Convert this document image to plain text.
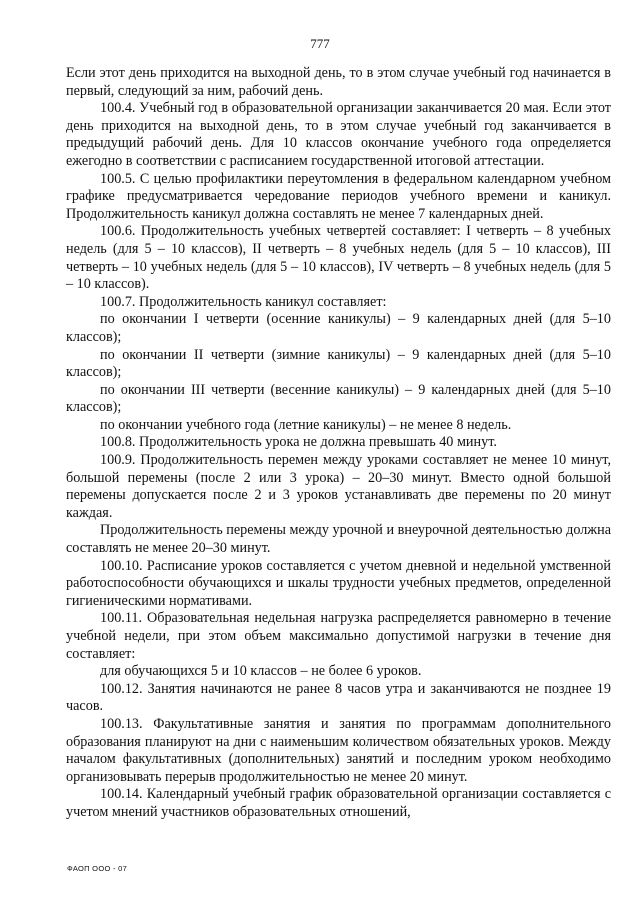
777

Если этот день приходится на выходной день, то в этом случае учебный год начинается в первый, следующий за ним, рабочий день.

100.4. Учебный год в образовательной организации заканчивается 20 мая. Если этот день приходится на выходной день, то в этом случае учебный год заканчивается в предыдущий рабочий день. Для 10 классов окончание учебного года определяется ежегодно в соответствии с расписанием государственной итоговой аттестации.

100.5. С целью профилактики переутомления в федеральном календарном учебном графике предусматривается чередование периодов учебного времени и каникул. Продолжительность каникул должна составлять не менее 7 календарных дней.

100.6. Продолжительность учебных четвертей составляет: I четверть – 8 учебных недель (для 5 – 10 классов), II четверть – 8 учебных недель (для 5 – 10 классов), III четверть – 10 учебных недель (для 5 – 10 классов), IV четверть – 8 учебных недель (для 5 – 10 классов).

100.7. Продолжительность каникул составляет:

по окончании I четверти (осенние каникулы) – 9 календарных дней (для 5–10 классов);

по окончании II четверти (зимние каникулы) – 9 календарных дней (для 5–10 классов);

по окончании III четверти (весенние каникулы) – 9 календарных дней (для 5–10 классов);

по окончании учебного года (летние каникулы) – не менее 8 недель.

100.8. Продолжительность урока не должна превышать 40 минут.

100.9. Продолжительность перемен между уроками составляет не менее 10 минут, большой перемены (после 2 или 3 урока) – 20–30 минут. Вместо одной большой перемены допускается после 2 и 3 уроков устанавливать две перемены по 20 минут каждая.

Продолжительность перемены между урочной и внеурочной деятельностью должна составлять не менее 20–30 минут.

100.10. Расписание уроков составляется с учетом дневной и недельной умственной работоспособности обучающихся и шкалы трудности учебных предметов, определенной гигиеническими нормативами.

100.11. Образовательная недельная нагрузка распределяется равномерно в течение учебной недели, при этом объем максимально допустимой нагрузки в течение дня составляет:

для обучающихся 5 и 10 классов – не более 6 уроков.

100.12. Занятия начинаются не ранее 8 часов утра и заканчиваются не позднее 19 часов.

100.13. Факультативные занятия и занятия по программам дополнительного образования планируют на дни с наименьшим количеством обязательных уроков. Между началом факультативных (дополнительных) занятий и последним уроком необходимо организовывать перерыв продолжительностью не менее 20 минут.

100.14. Календарный учебный график образовательной организации составляется с учетом мнений участников образовательных отношений,

ФАОП ООО - 07
